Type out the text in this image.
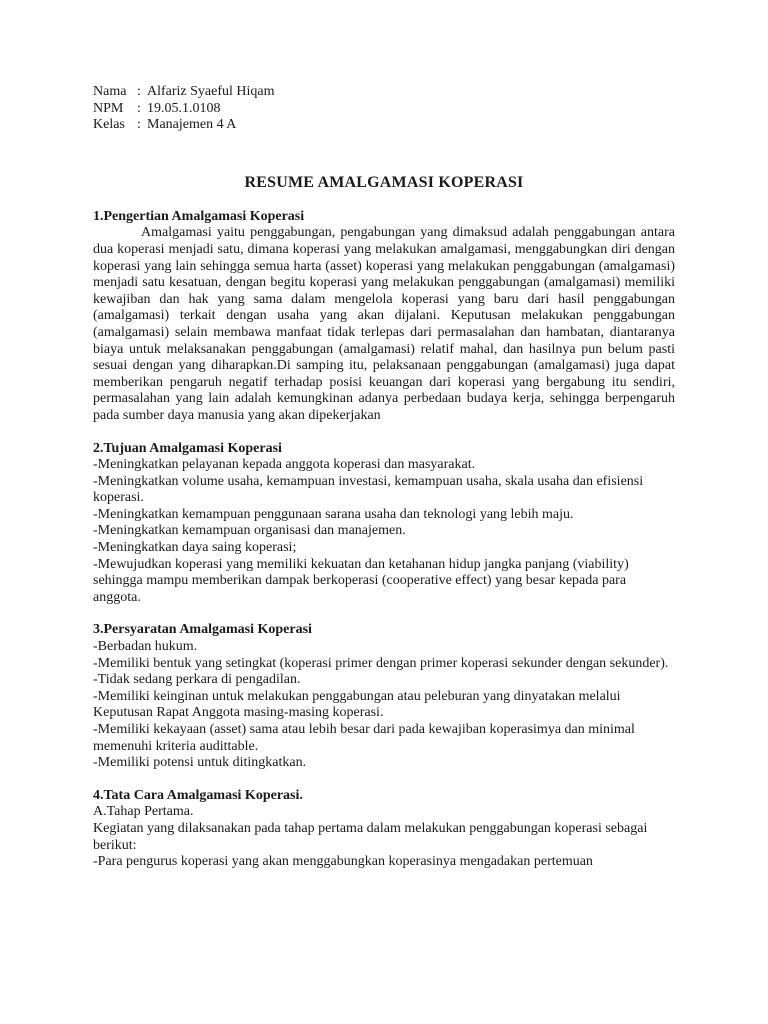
Nama	:	Alfariz Syaeful Hiqam
NPM	:	19.05.1.0108
Kelas	:	Manajemen 4 A
RESUME AMALGAMASI KOPERASI
1.Pengertian Amalgamasi Koperasi

Amalgamasi yaitu penggabungan, pengabungan yang dimaksud adalah penggabungan antara dua koperasi menjadi satu, dimana koperasi yang melakukan amalgamasi, menggabungkan diri dengan koperasi yang lain sehingga semua harta (asset) koperasi yang melakukan penggabungan (amalgamasi) menjadi satu kesatuan, dengan begitu koperasi yang melakukan penggabungan (amalgamasi) memiliki kewajiban dan hak yang sama dalam mengelola koperasi yang baru dari hasil penggabungan (amalgamasi) terkait dengan usaha yang akan dijalani. Keputusan melakukan penggabungan (amalgamasi) selain membawa manfaat tidak terlepas dari permasalahan dan hambatan, diantaranya biaya untuk melaksanakan penggabungan (amalgamasi) relatif mahal, dan hasilnya pun belum pasti sesuai dengan yang diharapkan.Di samping itu, pelaksanaan penggabungan (amalgamasi) juga dapat memberikan pengaruh negatif terhadap posisi keuangan dari koperasi yang bergabung itu sendiri, permasalahan yang lain adalah kemungkinan adanya perbedaan budaya kerja, sehingga berpengaruh pada sumber daya manusia yang akan dipekerjakan

2.Tujuan Amalgamasi Koperasi
-Meningkatkan pelayanan kepada anggota koperasi dan masyarakat.
-Meningkatkan volume usaha, kemampuan investasi, kemampuan usaha, skala usaha dan efisiensi koperasi.
-Meningkatkan kemampuan penggunaan sarana usaha dan teknologi yang lebih maju.
-Meningkatkan kemampuan organisasi dan manajemen.
-Meningkatkan daya saing koperasi;
-Mewujudkan koperasi yang memiliki kekuatan dan ketahanan hidup jangka panjang (viability) sehingga mampu memberikan dampak berkoperasi (cooperative effect) yang besar kepada para anggota.
3.Persyaratan Amalgamasi Koperasi
-Berbadan hukum.
-Memiliki bentuk yang setingkat (koperasi primer dengan primer koperasi sekunder dengan sekunder).
-Tidak sedang perkara di pengadilan.
-Memiliki keinginan untuk melakukan penggabungan atau peleburan yang dinyatakan melalui Keputusan Rapat Anggota masing-masing koperasi.
-Memiliki kekayaan (asset) sama atau lebih besar dari pada kewajiban koperasimya dan minimal memenuhi kriteria audittable.
-Memiliki potensi untuk ditingkatkan.
4.Tata Cara Amalgamasi Koperasi.
A.Tahap Pertama.
Kegiatan yang dilaksanakan pada tahap pertama dalam melakukan penggabungan koperasi sebagai berikut:
-Para pengurus koperasi yang akan menggabungkan koperasinya mengadakan pertemuan
